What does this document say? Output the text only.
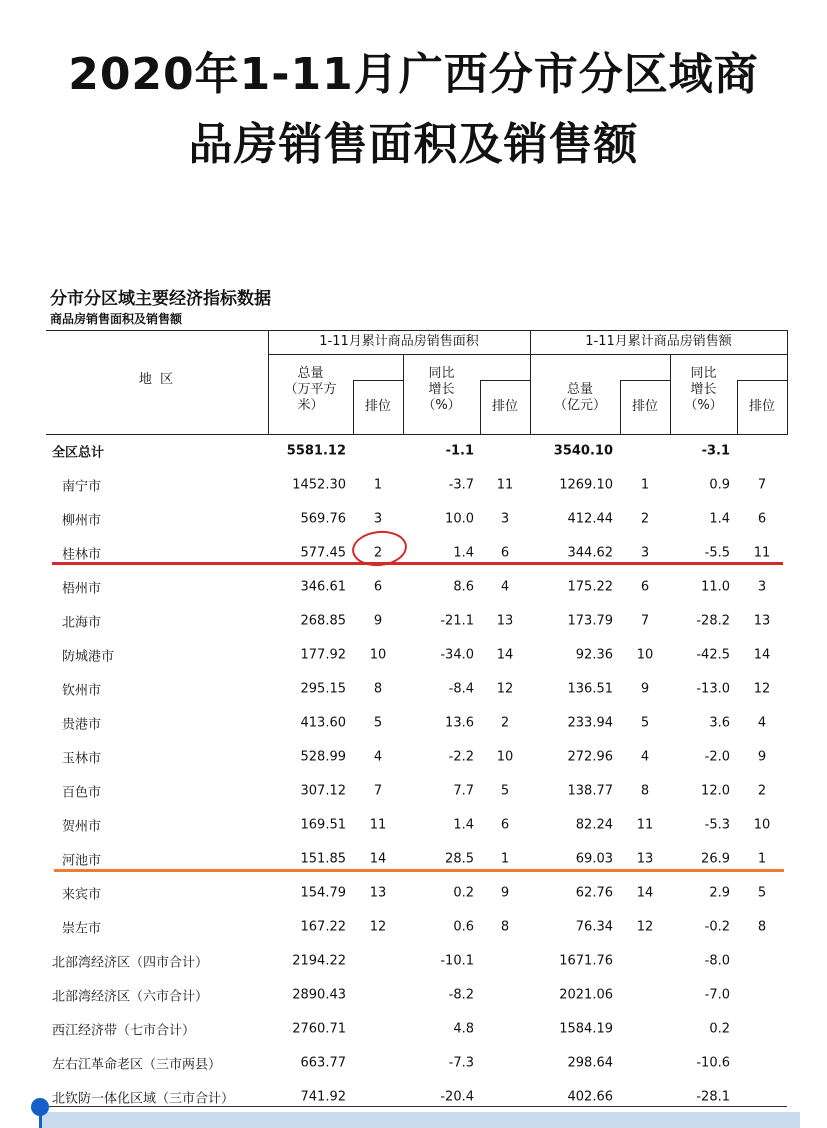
2020年1-11月广西分市分区域商
品房销售面积及销售额
分市分区域主要经济指标数据
商品房销售面积及销售额
地 区
1-11月累计商品房销售面积	1-11月累计商品房销售额
总量
（万平方
米）	排位
同比
增长
（%）	排位
总量
（亿元）	排位
同比
增长
（%）	排位
全区总计	5581.12	-1.1	3540.10	-3.1
南宁市	1452.30 1	-3.7 11	1269.10 1	0.9 7
柳州市	569.76 3	10.0 3	412.44 2	1.4 6
桂林市	577.45 2	1.4 6	344.62 3	-5.5 11
梧州市	346.61 6	8.6 4	175.22 6	11.0 3
北海市	268.85 9	-21.1 13	173.79 7	-28.2 13
防城港市	177.92 10	-34.0 14	92.36 10	-42.5 14
钦州市	295.15 8	-8.4 12	136.51 9	-13.0 12
贵港市	413.60 5	13.6 2	233.94 5	3.6 4
玉林市	528.99 4	-2.2 10	272.96 4	-2.0 9
百色市	307.12 7	7.7 5	138.77 8	12.0 2
贺州市	169.51 11	1.4 6	82.24 11	-5.3 10
河池市	151.85 14	28.5 1	69.03 13	26.9 1
来宾市	154.79 13	0.2 9	62.76 14	2.9 5
崇左市	167.22 12	0.6 8	76.34 12	-0.2 8
北部湾经济区（四市合计）	2194.22	-10.1	1671.76	-8.0
北部湾经济区（六市合计）	2890.43	-8.2	2021.06	-7.0
西江经济带（七市合计）	2760.71	4.8	1584.19	0.2
左右江革命老区（三市两县）	663.77	-7.3	298.64	-10.6
北钦防一体化区域（三市合计）	741.92	-20.4	402.66	-28.1
